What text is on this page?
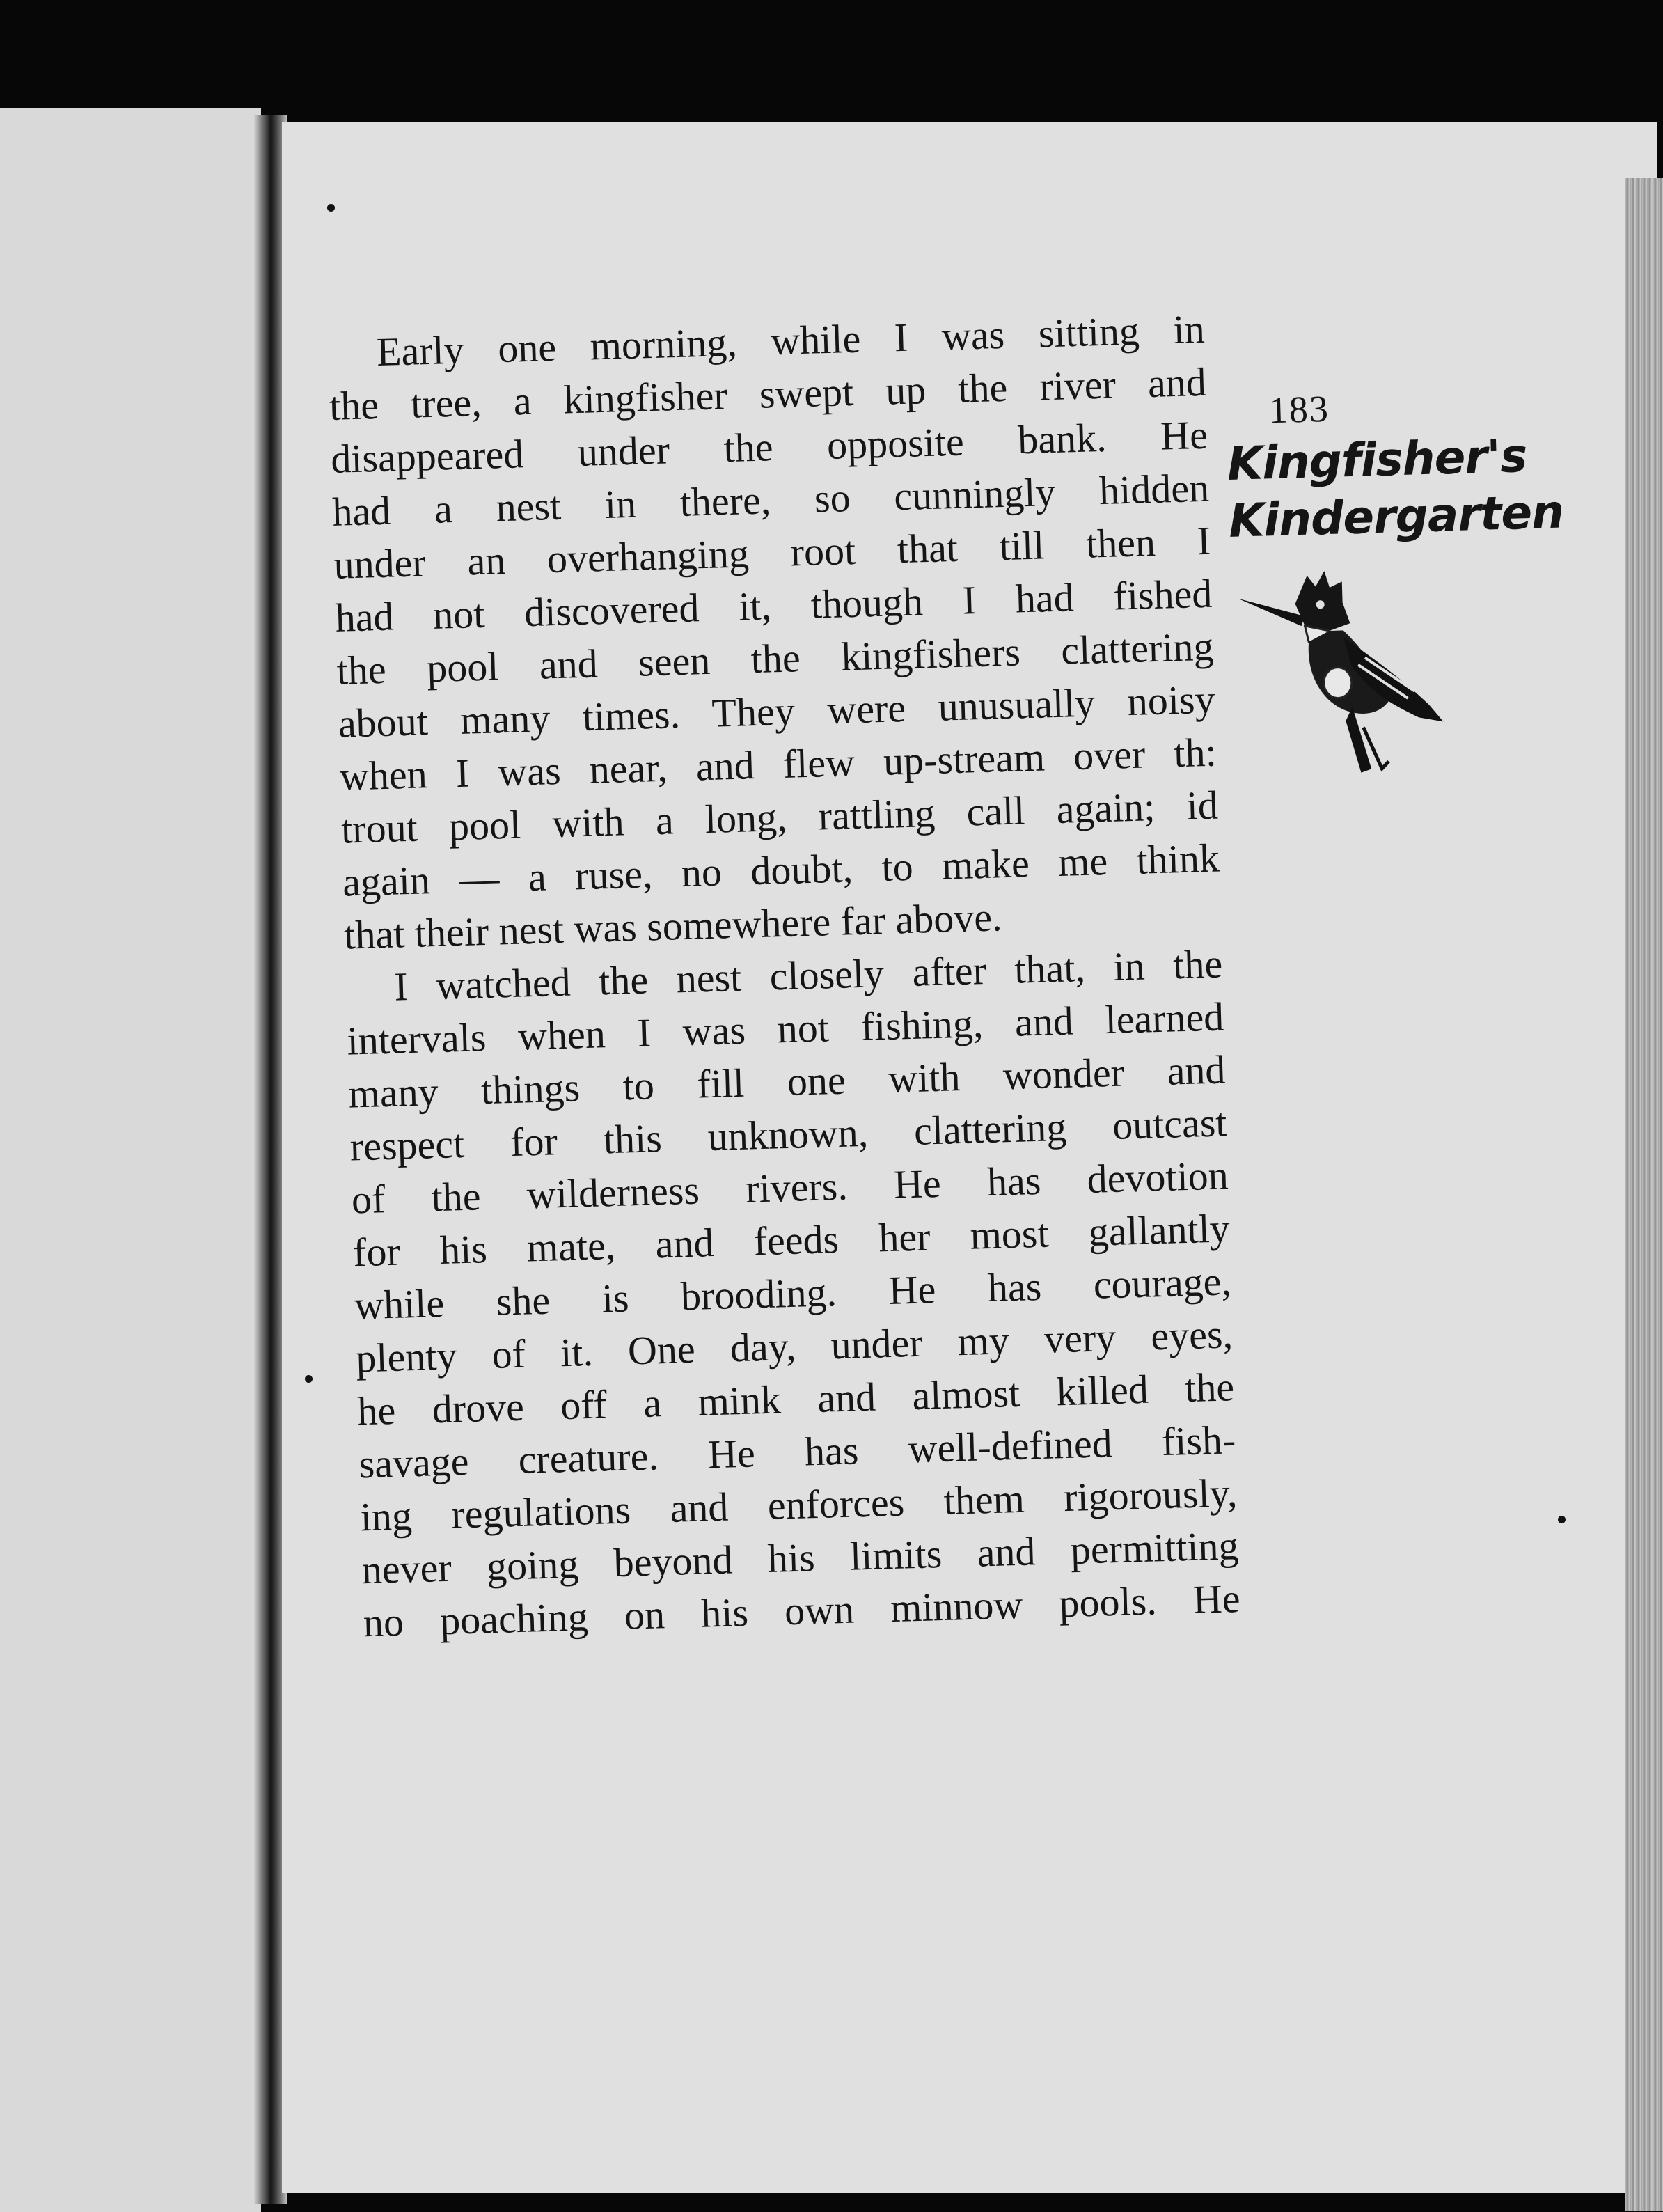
Early one morning, while I was sitting in
the tree, a kingfisher swept up the river and
disappeared under the opposite bank. He
had a nest in there, so cunningly hidden
under an overhanging root that till then I
had not discovered it, though I had fished
the pool and seen the kingfishers clattering
about many times. They were unusually noisy
when I was near, and flew up-stream over th:
trout pool with a long, rattling call again; id
again — a ruse, no doubt, to make me think
that their nest was somewhere far above.

I watched the nest closely after that, in the
intervals when I was not fishing, and learned
many things to fill one with wonder and
respect for this unknown, clattering outcast
of the wilderness rivers. He has devotion
for his mate, and feeds her most gallantly
while she is brooding. He has courage,
plenty of it. One day, under my very eyes,
he drove off a mink and almost killed the
savage creature. He has well-defined fish-
ing regulations and enforces them rigorously,
never going beyond his limits and permitting
no poaching on his own minnow pools. He

183
Kingfisher's
Kindergarten
